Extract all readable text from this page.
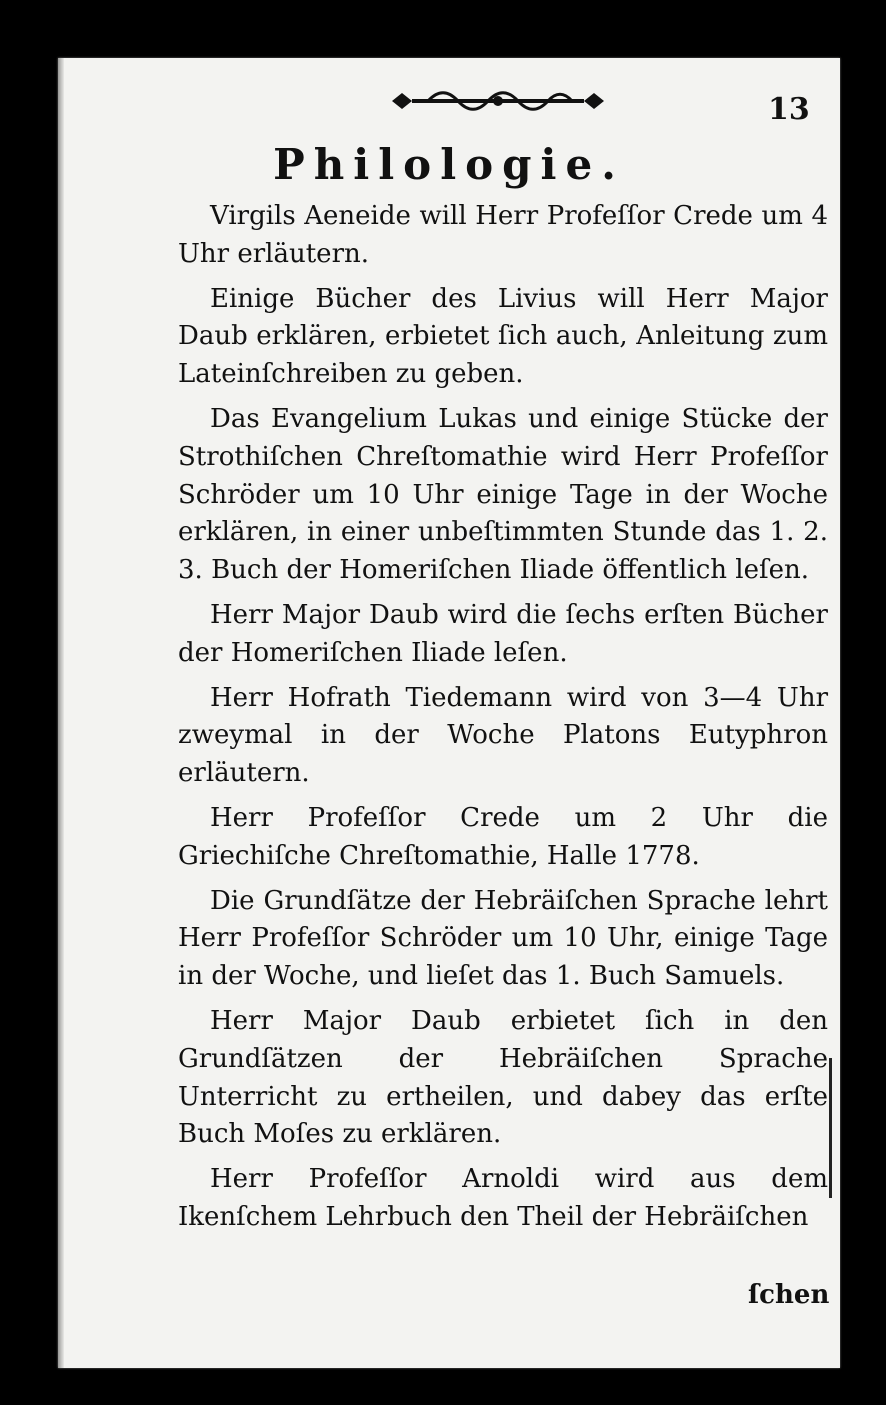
13
Philologie.

Virgils Aeneide will Herr Profeſſor Crede um 4 Uhr erläutern.

Einige Bücher des Livius will Herr Major Daub erklären, erbietet ſich auch, Anleitung zum Lateinſchreiben zu geben.

Das Evangelium Lukas und einige Stücke der Strothiſchen Chreſtomathie wird Herr Profeſſor Schröder um 10 Uhr einige Tage in der Woche erklären, in einer unbeſtimmten Stunde das 1. 2. 3. Buch der Homeriſchen Iliade öffentlich leſen.

Herr Major Daub wird die ſechs erſten Bücher der Homeriſchen Iliade leſen.

Herr Hofrath Tiedemann wird von 3—4 Uhr zweymal in der Woche Platons Eutyphron erläutern.

Herr Profeſſor Crede um 2 Uhr die Griechiſche Chreſtomathie, Halle 1778.

Die Grundſätze der Hebräiſchen Sprache lehrt Herr Profeſſor Schröder um 10 Uhr, einige Tage in der Woche, und lieſet das 1. Buch Samuels.

Herr Major Daub erbietet ſich in den Grundſätzen der Hebräiſchen Sprache Unterricht zu ertheilen, und dabey das erſte Buch Moſes zu erklären.

Herr Profeſſor Arnoldi wird aus dem Ikenſchem Lehrbuch den Theil der Hebräiſchen

ſchen
